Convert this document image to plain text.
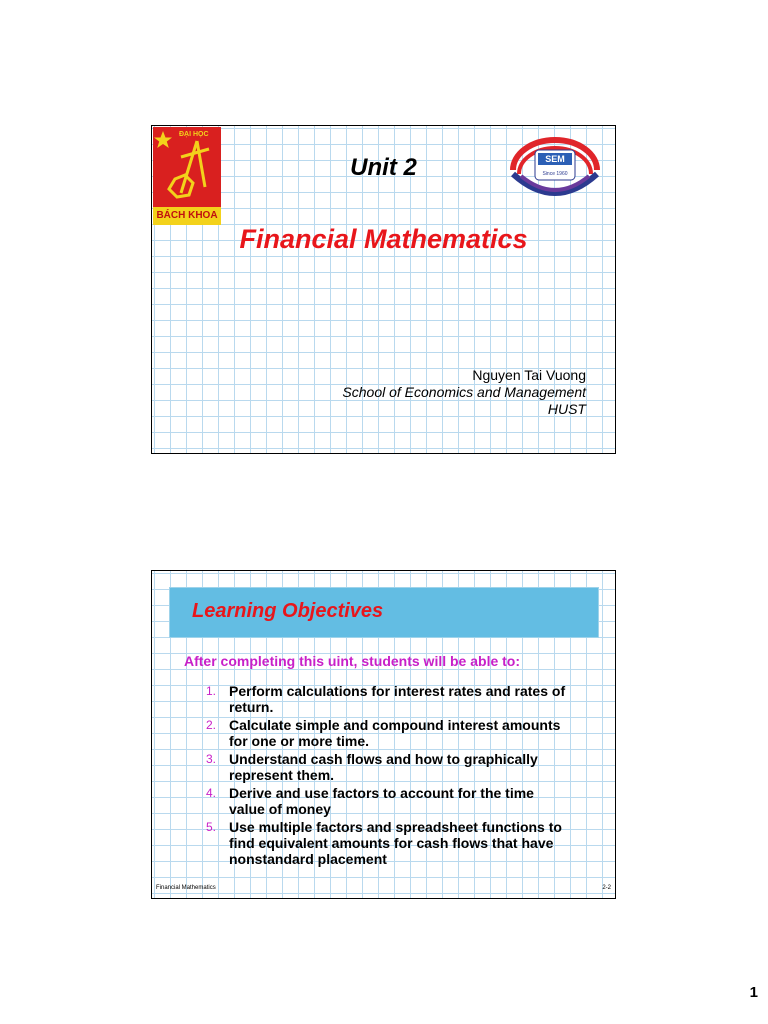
ĐẠI HỌC
BÁCH KHOA
SEM
Since 1960
Unit 2
Financial Mathematics
Nguyen Tai Vuong
School of Economics and Management
HUST
Learning Objectives
After completing this uint, students will be able to:
1. Perform calculations for interest rates and rates of return.
2. Calculate simple and compound interest amounts for one or more time.
3. Understand cash flows and how to graphically represent them.
4. Derive and use factors to account for the time value of money
5. Use multiple factors and spreadsheet functions to find equivalent amounts for cash flows that have nonstandard placement
Financial Mathematics	2-2
1
